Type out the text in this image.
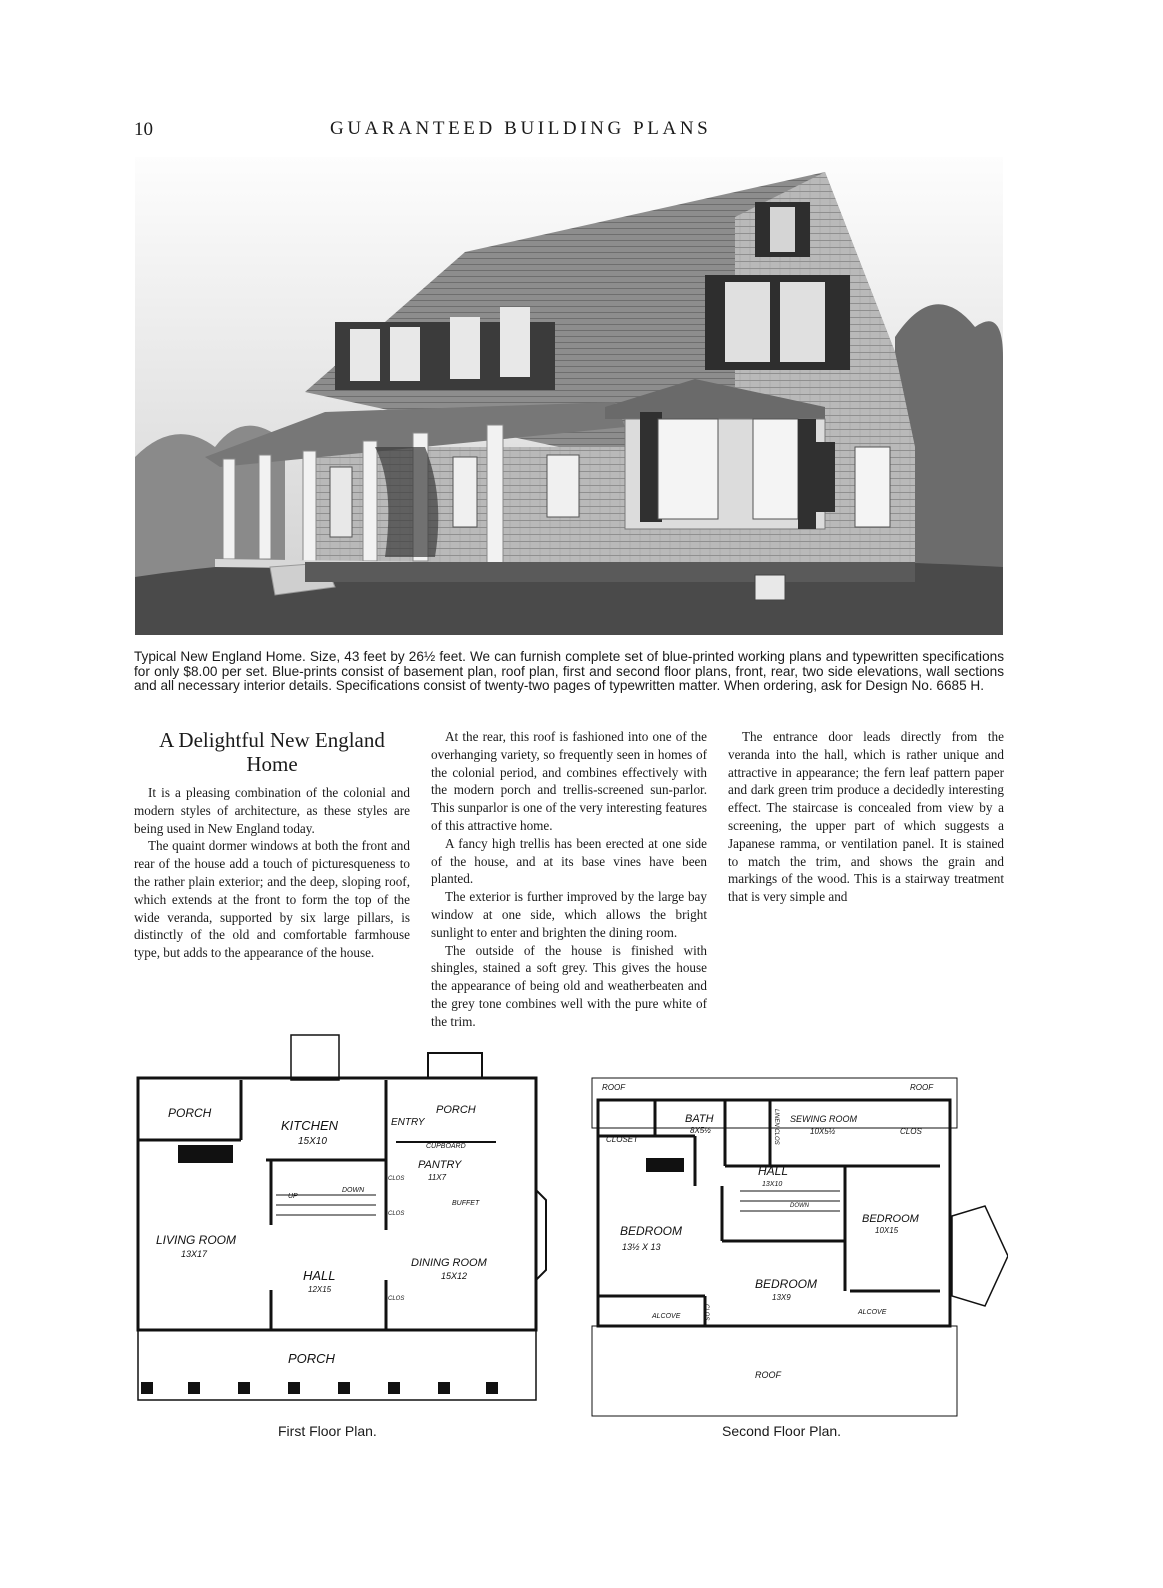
10	GUARANTEED BUILDING PLANS
Typical New England Home. Size, 43 feet by 26½ feet. We can furnish complete set of blue-printed working plans and typewritten specifications for only $8.00 per set. Blue-prints consist of basement plan, roof plan, first and second floor plans, front, rear, two side elevations, wall sections and all necessary interior details. Specifications consist of twenty-two pages of typewritten matter. When ordering, ask for Design No. 6685 H.
A Delightful New England Home

It is a pleasing combination of the colonial and modern styles of architecture, as these styles are being used in New England today.

The quaint dormer windows at both the front and rear of the house add a touch of picturesqueness to the rather plain exterior; and the deep, sloping roof, which extends at the front to form the top of the wide veranda, supported by six large pillars, is distinctly of the old and comfortable farmhouse type, but adds to the appearance of the house.

At the rear, this roof is fashioned into one of the overhanging variety, so frequently seen in homes of the colonial period, and combines effectively with the modern porch and trellis-screened sun-parlor. This sunparlor is one of the very interesting features of this attractive home.

A fancy high trellis has been erected at one side of the house, and at its base vines have been planted.

The exterior is further improved by the large bay window at one side, which allows the bright sunlight to enter and brighten the dining room.

The outside of the house is finished with shingles, stained a soft grey. This gives the house the appearance of being old and weatherbeaten and the grey tone combines well with the pure white of the trim.

The entrance door leads directly from the veranda into the hall, which is rather unique and attractive in appearance; the fern leaf pattern paper and dark green trim produce a decidedly interesting effect. The staircase is concealed from view by a screening, the upper part of which suggests a Japanese ramma, or ventilation panel. It is stained to match the trim, and shows the grain and markings of the wood. This is a stairway treatment that is very simple and

PORCH
KITCHEN
15X10
ENTRY
PORCH
CUPBOARD
PANTRY
11X7
BUFFET
UP
DOWN
CLOS
CLOS
CLOS
LIVING ROOM
13X17
DINING ROOM
15X12
HALL
12X15
PORCH
ROOF	ROOF
BATH
8X5½	LINEN CLOS SEWING ROOM
10X5½
CLOSET
CLOS
HALL
13X10
DOWN
BEDROOM
13½ X 13
BEDROOM
10X15
BEDROOM
13X9
ALCOVE	CLOS	ALCOVE
ROOF
First Floor Plan.	Second Floor Plan.
